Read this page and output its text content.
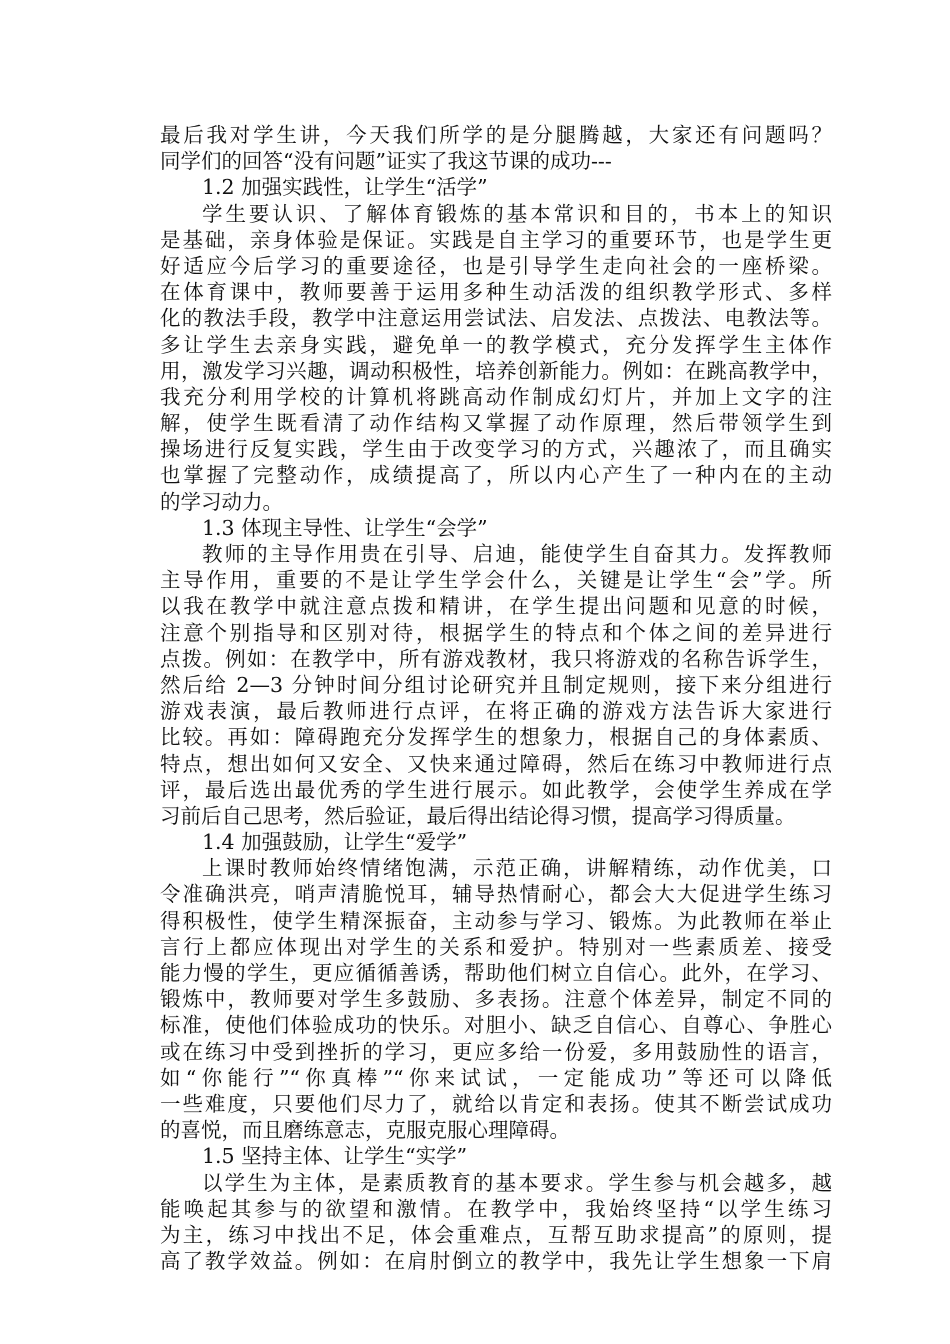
最后我对学生讲，今天我们所学的是分腿腾越，大家还有问题吗？
同学们的回答“没有问题”证实了我这节课的成功---
1.2 加强实践性，让学生“活学”
学生要认识、了解体育锻炼的基本常识和目的，书本上的知识
是基础，亲身体验是保证。实践是自主学习的重要环节，也是学生更
好适应今后学习的重要途径，也是引导学生走向社会的一座桥梁。
在体育课中，教师要善于运用多种生动活泼的组织教学形式、多样
化的教法手段，教学中注意运用尝试法、启发法、点拨法、电教法等。
多让学生去亲身实践，避免单一的教学模式，充分发挥学生主体作
用，激发学习兴趣，调动积极性，培养创新能力。例如：在跳高教学中，
我充分利用学校的计算机将跳高动作制成幻灯片，并加上文字的注
解，使学生既看清了动作结构又掌握了动作原理，然后带领学生到
操场进行反复实践，学生由于改变学习的方式，兴趣浓了，而且确实
也掌握了完整动作，成绩提高了，所以内心产生了一种内在的主动
的学习动力。
1.3 体现主导性、让学生“会学”
教师的主导作用贵在引导、启迪，能使学生自奋其力。发挥教师
主导作用，重要的不是让学生学会什么，关键是让学生“会”学。所
以我在教学中就注意点拨和精讲，在学生提出问题和见意的时候，
注意个别指导和区别对待，根据学生的特点和个体之间的差异进行
点拨。例如：在教学中，所有游戏教材，我只将游戏的名称告诉学生，
然后给 2—3 分钟时间分组讨论研究并且制定规则，接下来分组进行
游戏表演，最后教师进行点评，在将正确的游戏方法告诉大家进行
比较。再如：障碍跑充分发挥学生的想象力，根据自己的身体素质、
特点，想出如何又安全、又快来通过障碍，然后在练习中教师进行点
评，最后选出最优秀的学生进行展示。如此教学，会使学生养成在学
习前后自己思考，然后验证，最后得出结论得习惯，提高学习得质量。
1.4 加强鼓励，让学生“爱学”
上课时教师始终情绪饱满，示范正确，讲解精练，动作优美，口
令准确洪亮，哨声清脆悦耳，辅导热情耐心，都会大大促进学生练习
得积极性，使学生精深振奋，主动参与学习、锻炼。为此教师在举止
言行上都应体现出对学生的关系和爱护。特别对一些素质差、接受
能力慢的学生，更应循循善诱，帮助他们树立自信心。此外，在学习、
锻炼中，教师要对学生多鼓励、多表扬。注意个体差异，制定不同的
标准，使他们体验成功的快乐。对胆小、缺乏自信心、自尊心、争胜心
或在练习中受到挫折的学习，更应多给一份爱，多用鼓励性的语言，
如“你能行”“你真棒”“你来试试，一定能成功”等还可以降低
一些难度，只要他们尽力了，就给以肯定和表扬。使其不断尝试成功
的喜悦，而且磨练意志，克服克服心理障碍。
1.5 坚持主体、让学生“实学”
以学生为主体，是素质教育的基本要求。学生参与机会越多，越
能唤起其参与的欲望和激情。在教学中，我始终坚持“以学生练习
为主，练习中找出不足，体会重难点，互帮互助求提高”的原则，提
高了教学效益。例如：在肩肘倒立的教学中，我先让学生想象一下肩
